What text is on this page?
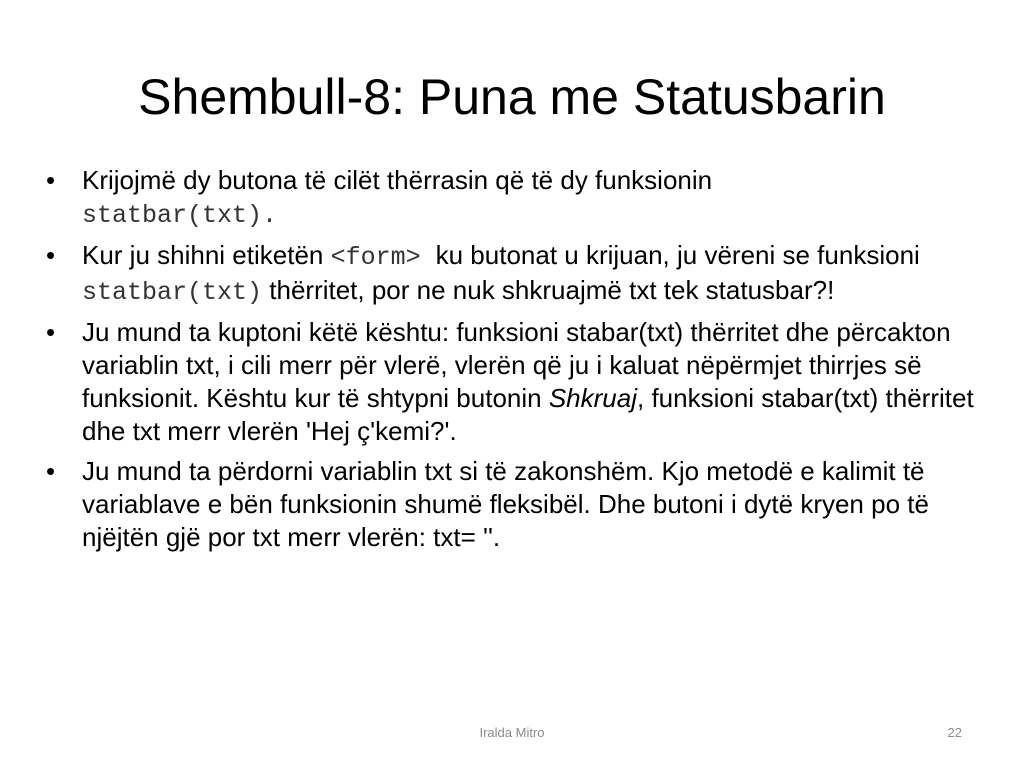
Shembull-8: Puna me Statusbarin
• Krijojmë dy butona të cilët thërrasin që të dy funksionin
statbar(txt).
• Kur ju shihni etiketën <form> ku butonat u krijuan, ju vëreni se funksioni statbar(txt) thërritet, por ne nuk shkruajmë txt tek statusbar?!
• Ju mund ta kuptoni këtë kështu: funksioni stabar(txt) thërritet dhe përcakton variablin txt, i cili merr për vlerë, vlerën që ju i kaluat nëpërmjet thirrjes së funksionit. Kështu kur të shtypni butonin Shkruaj, funksioni stabar(txt) thërritet dhe txt merr vlerën 'Hej ç'kemi?'.
• Ju mund ta përdorni variablin txt si të zakonshëm. Kjo metodë e kalimit të variablave e bën funksionin shumë fleksibël. Dhe butoni i dytë kryen po të njëjtën gjë por txt merr vlerën: txt= ''.
Iralda Mitro	22
